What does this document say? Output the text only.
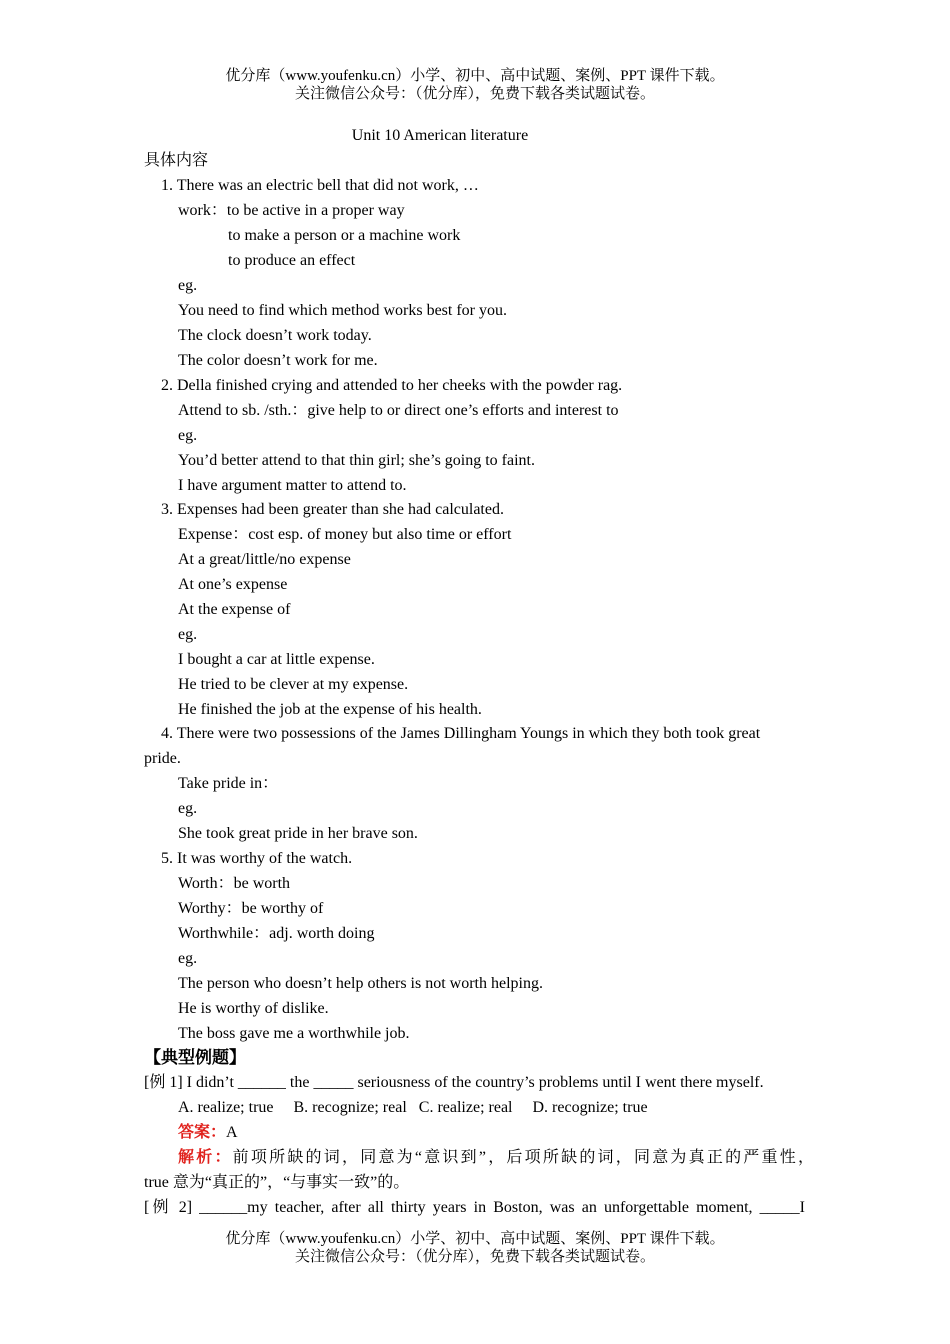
优分库（www.youfenku.cn）小学、初中、高中试题、案例、PPT 课件下载。
关注微信公众号：（优分库），免费下载各类试题试卷。
Unit 10 American literature
具体内容
1. There was an electric bell that did not work, …
work：to be active in a proper way
to make a person or a machine work
to produce an effect
eg.
You need to find which method works best for you.
The clock doesn’t work today.
The color doesn’t work for me.
2. Della finished crying and attended to her cheeks with the powder rag.
Attend to sb. /sth.：give help to or direct one’s efforts and interest to
eg.
You’d better attend to that thin girl; she’s going to faint.
I have argument matter to attend to.
3. Expenses had been greater than she had calculated.
Expense：cost esp. of money but also time or effort
At a great/little/no expense
At one’s expense
At the expense of
eg.
I bought a car at little expense.
He tried to be clever at my expense.
He finished the job at the expense of his health.
4. There were two possessions of the James Dillingham Youngs in which they both took great
pride.
Take pride in：
eg.
She took great pride in her brave son.
5. It was worthy of the watch.
Worth：be worth
Worthy：be worthy of
Worthwhile：adj. worth doing
eg.
The person who doesn’t help others is not worth helping.
He is worthy of dislike.
The boss gave me a worthwhile job.
【典型例题】
[例 1] I didn’t ______ the _____ seriousness of the country’s problems until I went there myself.
A. realize; true     B. recognize; real   C. realize; real     D. recognize; true
答案：A
解析：前项所缺的词，同意为“意识到”，后项所缺的词，同意为真正的严重性，
true 意为“真正的”，“与事实一致”的。
[例 2] ______my teacher, after all thirty years in Boston, was an unforgettable moment, _____I
优分库（www.youfenku.cn）小学、初中、高中试题、案例、PPT 课件下载。
关注微信公众号：（优分库），免费下载各类试题试卷。
